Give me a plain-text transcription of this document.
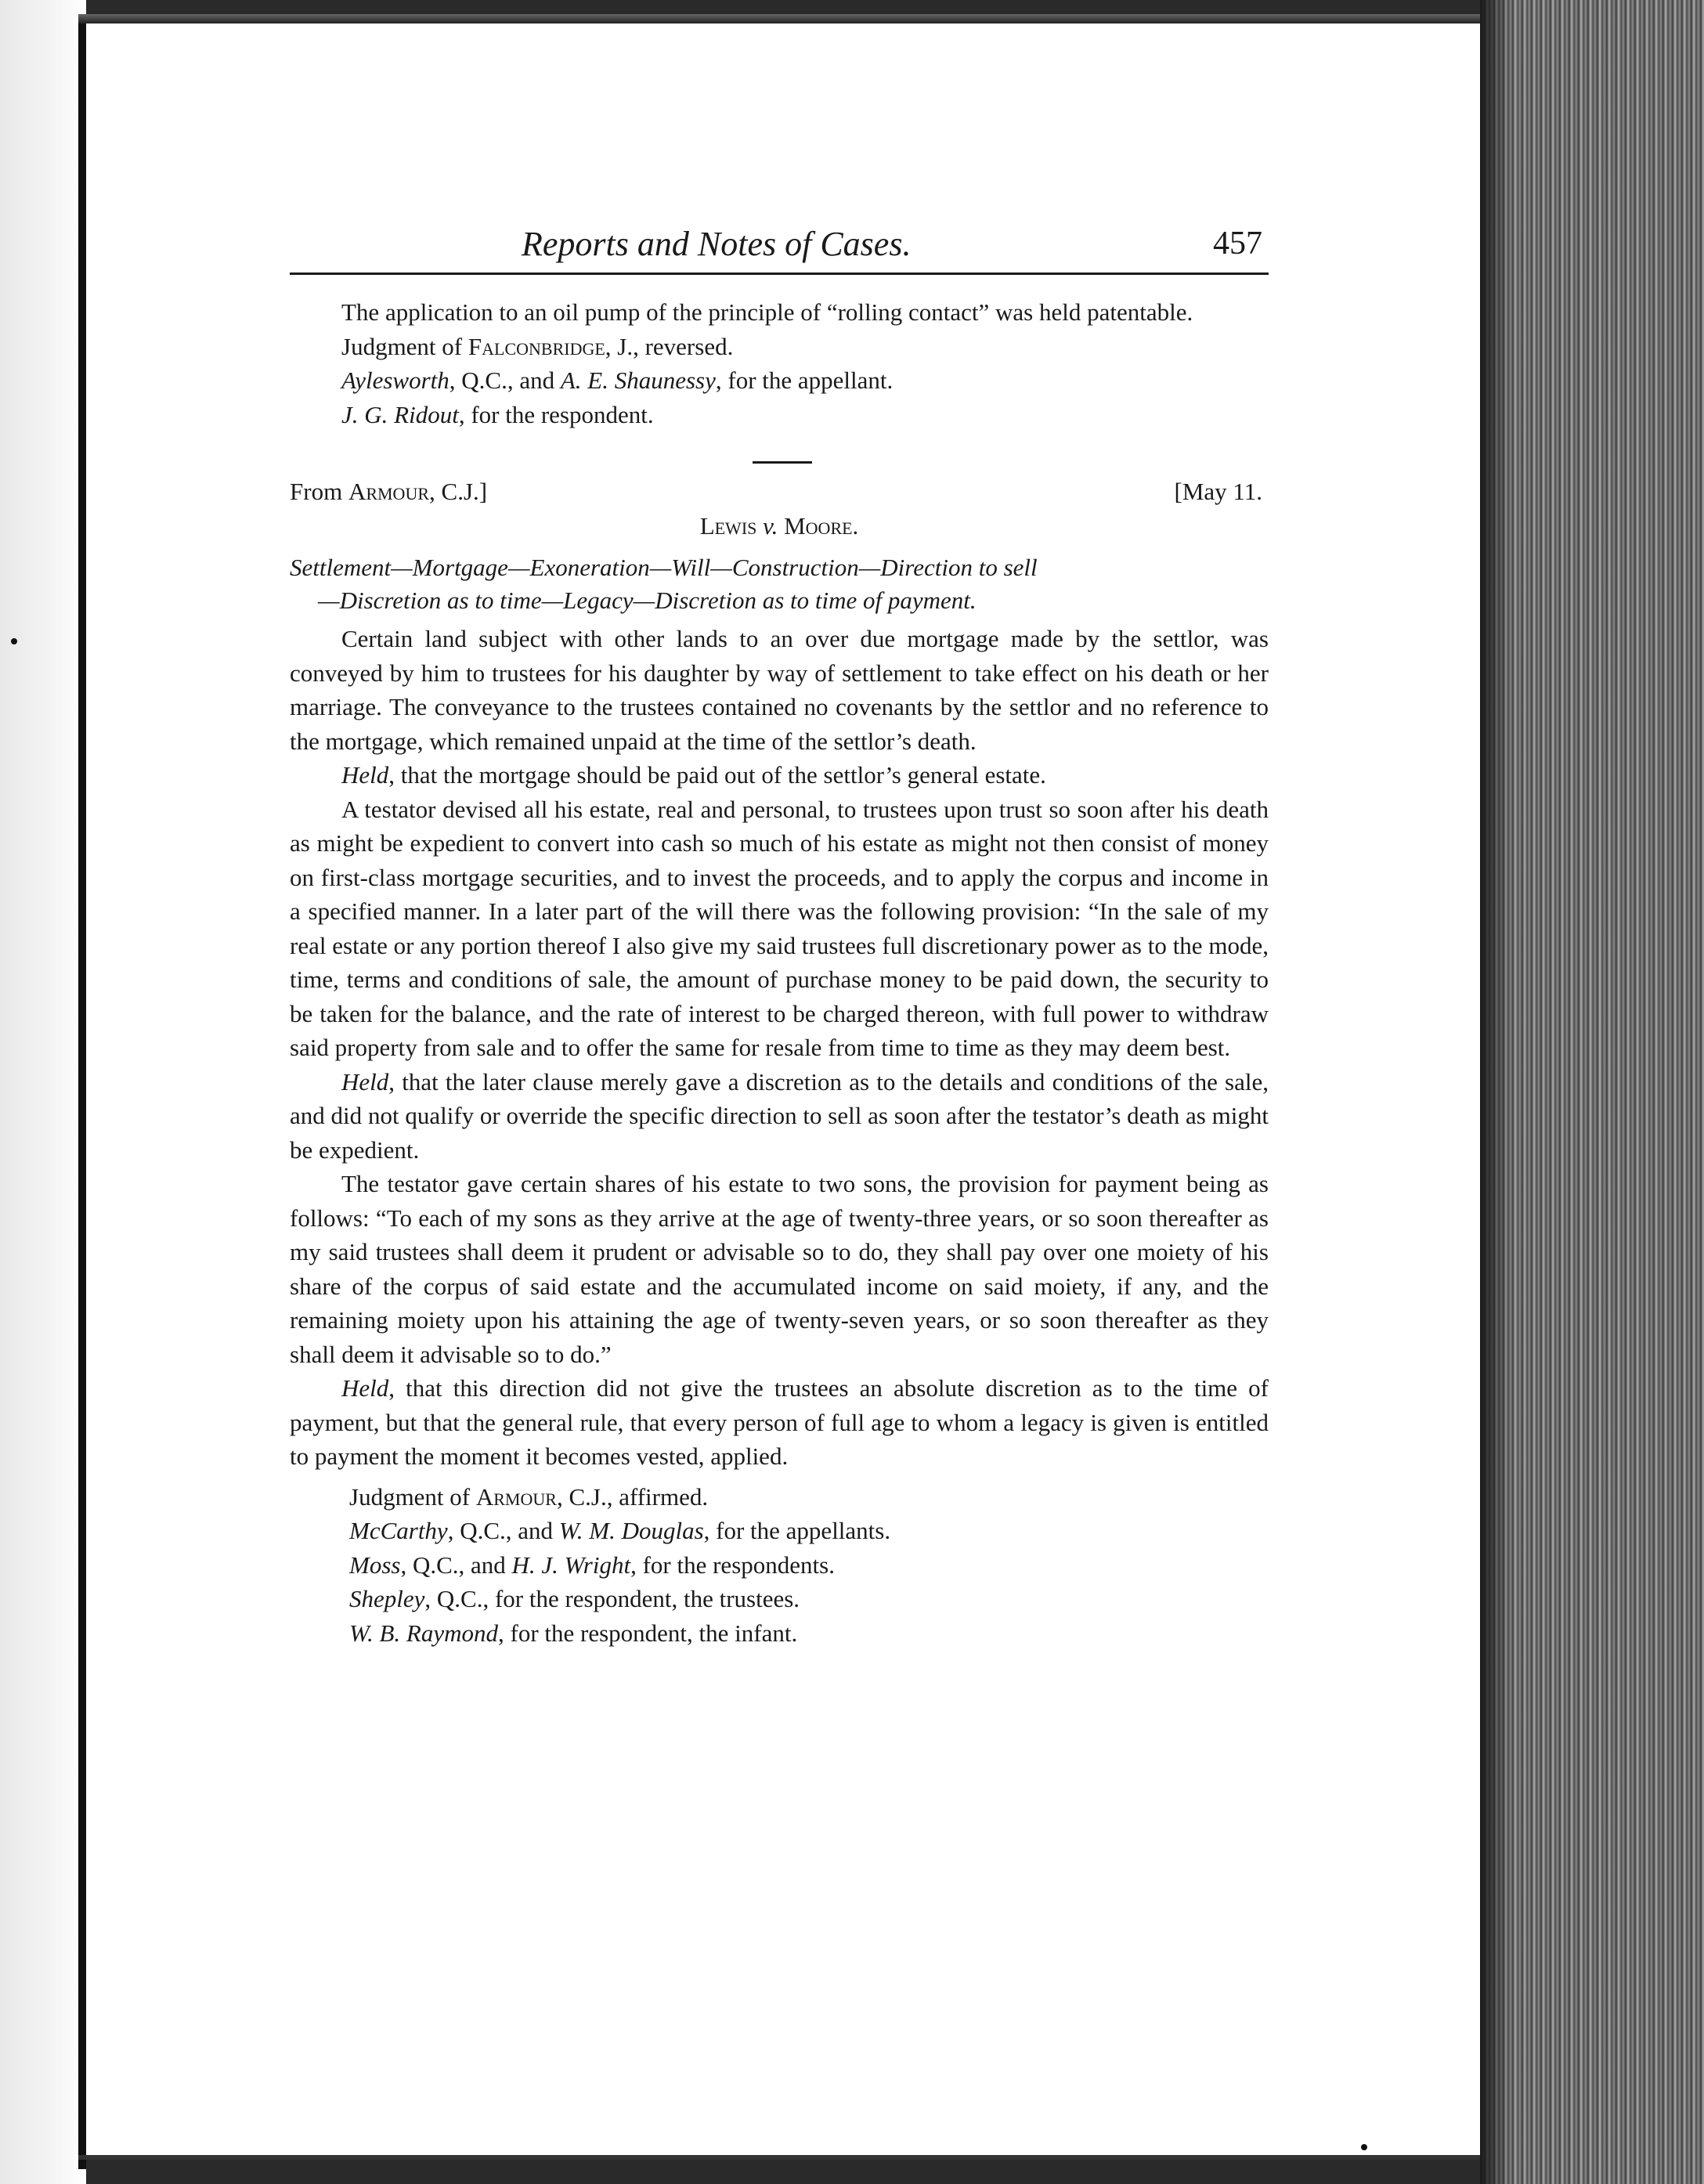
Reports and Notes of Cases.	457

The application to an oil pump of the principle of “rolling contact” was held patentable.

Judgment of Falconbridge, J., reversed.

Aylesworth, Q.C., and A. E. Shaunessy, for the appellant.

J. G. Ridout, for the respondent.

From Armour, C.J.]	[May 11.

Lewis v. Moore.

Settlement—Mortgage—Exoneration—Will—Construction—Direction to sell

—Discretion as to time—Legacy—Discretion as to time of payment.

Certain land subject with other lands to an over due mortgage made by the settlor, was conveyed by him to trustees for his daughter by way of settlement to take effect on his death or her marriage. The conveyance to the trustees contained no covenants by the settlor and no reference to the mortgage, which remained unpaid at the time of the settlor’s death.

Held, that the mortgage should be paid out of the settlor’s general estate.

A testator devised all his estate, real and personal, to trustees upon trust so soon after his death as might be expedient to convert into cash so much of his estate as might not then consist of money on first-class mortgage securities, and to invest the proceeds, and to apply the corpus and income in a specified manner. In a later part of the will there was the following provision: “In the sale of my real estate or any portion thereof I also give my said trustees full discretionary power as to the mode, time, terms and conditions of sale, the amount of purchase money to be paid down, the security to be taken for the balance, and the rate of interest to be charged thereon, with full power to withdraw said property from sale and to offer the same for resale from time to time as they may deem best.

Held, that the later clause merely gave a discretion as to the details and conditions of the sale, and did not qualify or override the specific direction to sell as soon after the testator’s death as might be expedient.

The testator gave certain shares of his estate to two sons, the provision for payment being as follows: “To each of my sons as they arrive at the age of twenty-three years, or so soon thereafter as my said trustees shall deem it prudent or advisable so to do, they shall pay over one moiety of his share of the corpus of said estate and the accumulated income on said moiety, if any, and the remaining moiety upon his attaining the age of twenty-seven years, or so soon thereafter as they shall deem it advisable so to do.”

Held, that this direction did not give the trustees an absolute discretion as to the time of payment, but that the general rule, that every person of full age to whom a legacy is given is entitled to payment the moment it becomes vested, applied.

Judgment of Armour, C.J., affirmed.

McCarthy, Q.C., and W. M. Douglas, for the appellants.

Moss, Q.C., and H. J. Wright, for the respondents.

Shepley, Q.C., for the respondent, the trustees.

W. B. Raymond, for the respondent, the infant.
